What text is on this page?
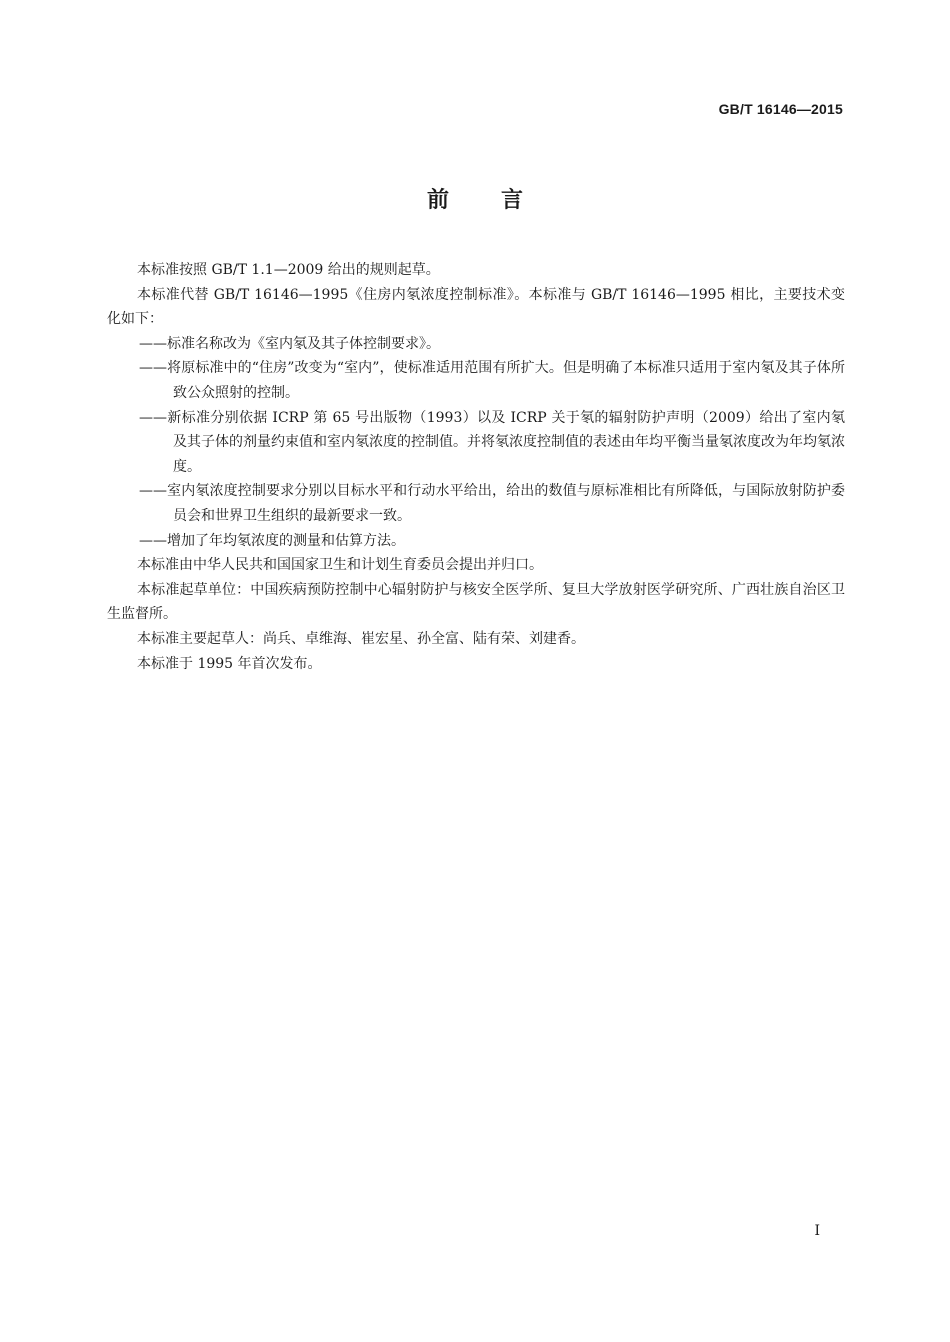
GB/T 16146—2015
前言
本标准按照 GB/T 1.1—2009 给出的规则起草。
本标准代替 GB/T 16146—1995《住房内氡浓度控制标准》。本标准与 GB/T 16146—1995 相比，主要技术变化如下：
——标准名称改为《室内氡及其子体控制要求》。
——将原标准中的“住房”改变为“室内”，使标准适用范围有所扩大。但是明确了本标准只适用于室内氡及其子体所致公众照射的控制。
——新标准分别依据 ICRP 第 65 号出版物（1993）以及 ICRP 关于氡的辐射防护声明（2009）给出了室内氡及其子体的剂量约束值和室内氡浓度的控制值。并将氡浓度控制值的表述由年均平衡当量氡浓度改为年均氡浓度。
——室内氡浓度控制要求分别以目标水平和行动水平给出，给出的数值与原标准相比有所降低，与国际放射防护委员会和世界卫生组织的最新要求一致。
——增加了年均氡浓度的测量和估算方法。
本标准由中华人民共和国国家卫生和计划生育委员会提出并归口。
本标准起草单位：中国疾病预防控制中心辐射防护与核安全医学所、复旦大学放射医学研究所、广西壮族自治区卫生监督所。
本标准主要起草人：尚兵、卓维海、崔宏星、孙全富、陆有荣、刘建香。
本标准于 1995 年首次发布。
I
